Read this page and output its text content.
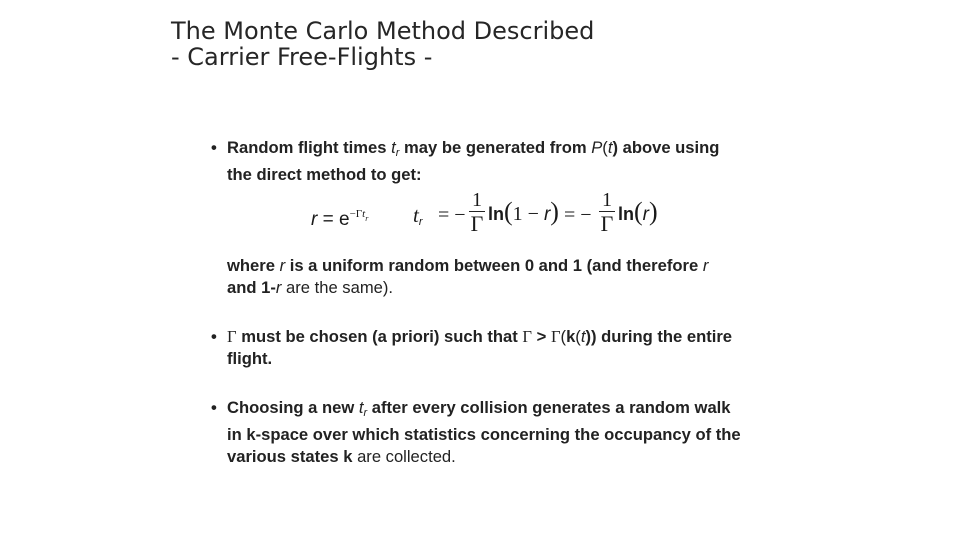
The Monte Carlo Method Described
- Carrier Free-Flights -
• Random flight times $t_r$ may be generated from P(t) above using
the direct method to get:
$r = e^{-\Gamma tr}$ $t_r$ = −
1
Γ ln(1 − r) = −
1
Γ ln(r)
where r is a uniform random between 0 and 1 (and therefore r
and 1-r are the same).
• Γ must be chosen (a priori) such that Γ > Γ(k(t)) during the entire
flight.
• Choosing a new $t_r$ after every collision generates a random walk
in k-space over which statistics concerning the occupancy of the
various states k are collected.
